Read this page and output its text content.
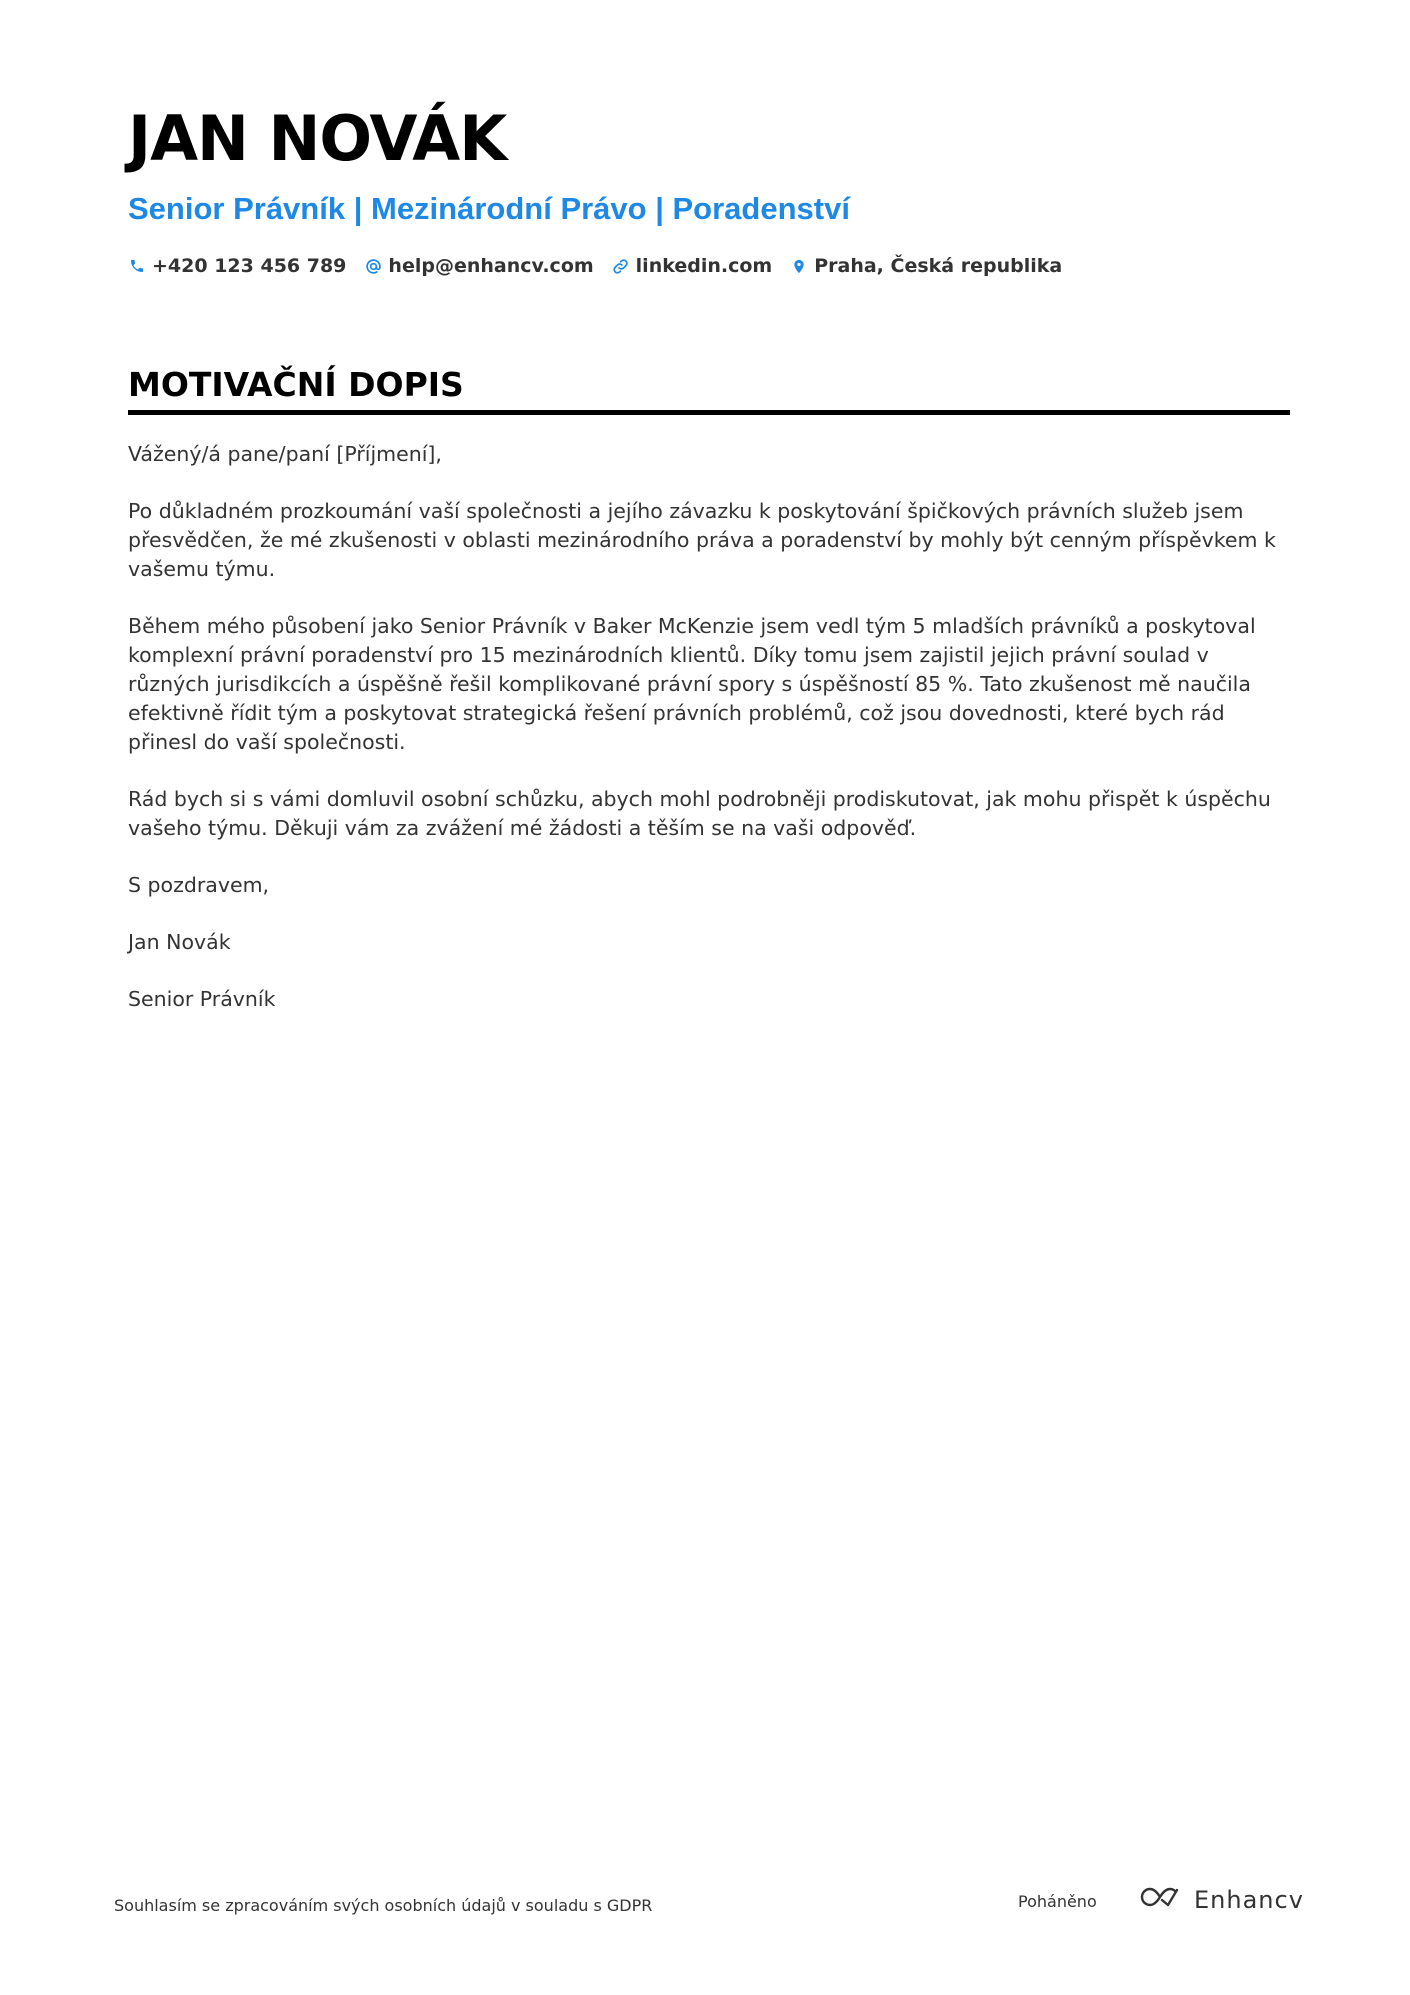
JAN NOVÁK
Senior Právník | Mezinárodní Právo | Poradenství
+420 123 456 789 help@enhancv.com linkedin.com Praha, Česká republika
MOTIVAČNÍ DOPIS

Vážený/á pane/paní [Příjmení],

Po důkladném prozkoumání vaší společnosti a jejího závazku k poskytování špičkových právních služeb jsem přesvědčen, že mé zkušenosti v oblasti mezinárodního práva a poradenství by mohly být cenným příspěvkem k vašemu týmu.

Během mého působení jako Senior Právník v Baker McKenzie jsem vedl tým 5 mladších právníků a poskytoval komplexní právní poradenství pro 15 mezinárodních klientů. Díky tomu jsem zajistil jejich právní soulad v různých jurisdikcích a úspěšně řešil komplikované právní spory s úspěšností 85 %. Tato zkušenost mě naučila efektivně řídit tým a poskytovat strategická řešení právních problémů, což jsou dovednosti, které bych rád přinesl do vaší společnosti.

Rád bych si s vámi domluvil osobní schůzku, abych mohl podrobněji prodiskutovat, jak mohu přispět k úspěchu vašeho týmu. Děkuji vám za zvážení mé žádosti a těším se na vaši odpověď.

S pozdravem,

Jan Novák

Senior Právník

Souhlasím se zpracováním svých osobních údajů v souladu s GDPR	Poháněno	Enhancv
